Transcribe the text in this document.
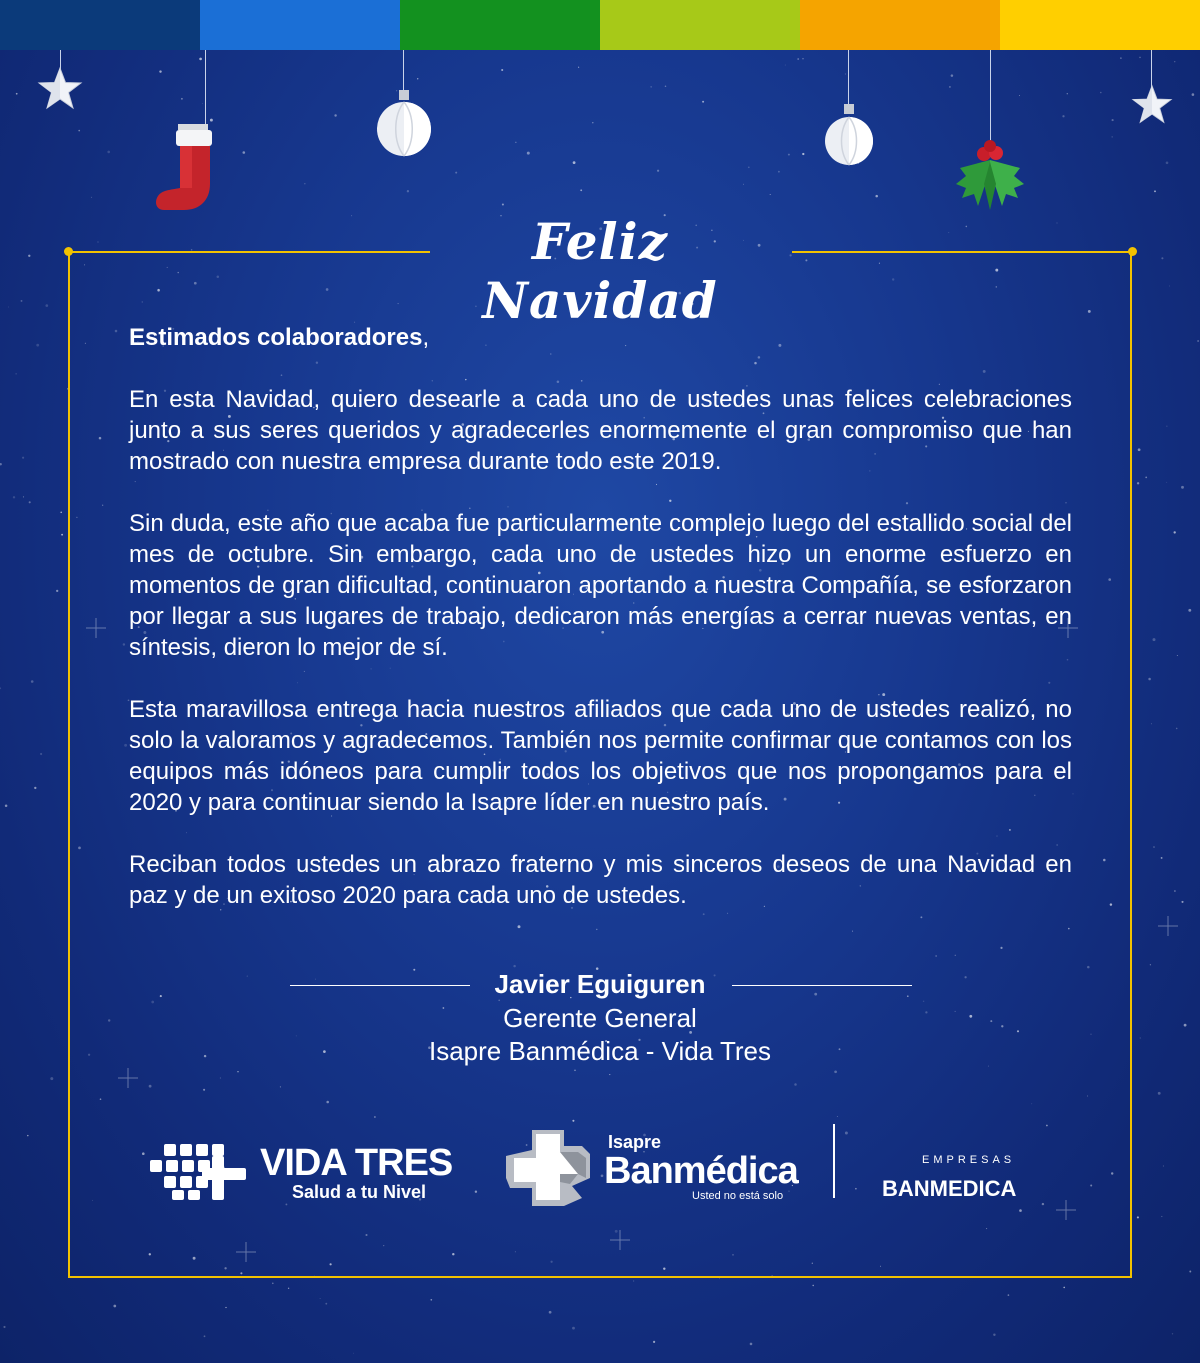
Feliz Navidad

Estimados colaboradores,

En esta Navidad, quiero desearle a cada uno de ustedes unas felices celebraciones junto a sus seres queridos y agradecerles enormemente el gran compromiso que han mostrado con nuestra empresa durante todo este 2019.

Sin duda, este año que acaba fue particularmente complejo luego del estallido social del mes de octubre. Sin embargo, cada uno de ustedes hizo un enorme esfuerzo en momentos de gran dificultad, continuaron aportando a nuestra Compañía, se esforzaron por llegar a sus lugares de trabajo, dedicaron más energías a cerrar nuevas ventas, en síntesis, dieron lo mejor de sí.

Esta maravillosa entrega hacia nuestros afiliados que cada uno de ustedes realizó, no solo la valoramos y agradecemos. También nos permite confirmar que contamos con los equipos más idóneos para cumplir todos los objetivos que nos propongamos para el 2020 y para continuar siendo la Isapre líder en nuestro país.

Reciban todos ustedes un abrazo fraterno y mis sinceros deseos de una Navidad en paz y de un exitoso 2020 para cada uno de ustedes.

Javier Eguiguren
Gerente General
Isapre Banmédica - Vida Tres
VIDA TRES
Salud a tu Nivel
Isapre
Banmédica
Usted no está solo
EMPRESAS
BANMEDICA
